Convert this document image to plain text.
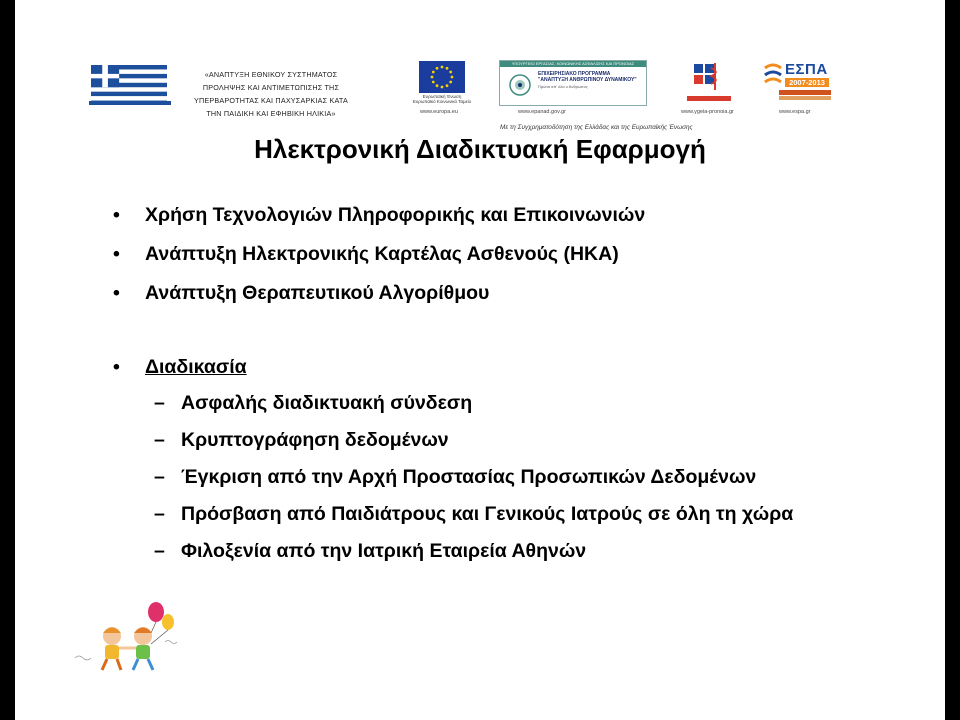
«ΑΝΑΠΤΥΞΗ ΕΘΝΙΚΟΥ ΣΥΣΤΗΜΑΤΟΣ
ΠΡΟΛΗΨΗΣ ΚΑΙ ΑΝΤΙΜΕΤΩΠΙΣΗΣ ΤΗΣ
ΥΠΕΡΒΑΡΟΤΗΤΑΣ ΚΑΙ ΠΑΧΥΣΑΡΚΙΑΣ ΚΑΤΑ
ΤΗΝ ΠΑΙΔΙΚΗ ΚΑΙ ΕΦΗΒΙΚΗ ΗΛΙΚΙΑ»
Ευρωπαϊκή Ένωση
Ευρωπαϊκό Κοινωνικό Ταμείο
www.europa.eu
ΥΠΟΥΡΓΕΙΟ ΕΡΓΑΣΙΑΣ, ΚΟΙΝΩΝΙΚΗΣ ΑΣΦΑΛΙΣΗΣ ΚΑΙ ΠΡΟΝΟΙΑΣ
ΕΠΙΧΕΙΡΗΣΙΑΚΟ ΠΡΟΓΡΑΜΜΑ
"ΑΝΑΠΤΥΞΗ ΑΝΘΡΩΠΙΝΟΥ ΔΥΝΑΜΙΚΟΥ"
Πρώτα απ' όλα ο Άνθρωπος
www.epanad.gov.gr	www.ygeia-pronoia.gr
ΕΣΠΑ
2007-2013
www.espa.gr
Με τη Συγχρηματοδότηση της Ελλάδας και της Ευρωπαϊκής Ένωσης
Ηλεκτρονική Διαδικτυακή Εφαρμογή
• Χρήση Τεχνολογιών Πληροφορικής και Επικοινωνιών
• Ανάπτυξη Ηλεκτρονικής Καρτέλας Ασθενούς (ΗΚΑ)
• Ανάπτυξη Θεραπευτικού Αλγορίθμου
• Διαδικασία
– Ασφαλής διαδικτυακή σύνδεση
– Κρυπτογράφηση δεδομένων
– Έγκριση από την Αρχή Προστασίας Προσωπικών Δεδομένων
– Πρόσβαση από Παιδιάτρους και Γενικούς Ιατρούς σε όλη τη χώρα
– Φιλοξενία από την Ιατρική Εταιρεία Αθηνών
